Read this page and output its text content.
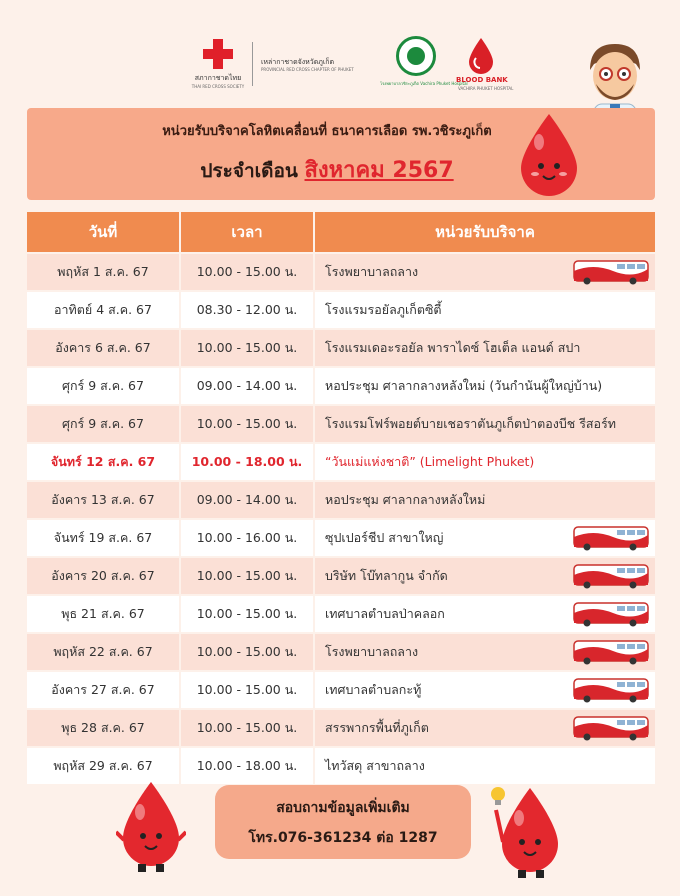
สภากาชาดไทย
THAI RED CROSS SOCIETY
เหล่ากาชาดจังหวัดภูเก็ต
PROVINCIAL RED CROSS CHAPTER OF PHUKET
โรงพยาบาลวชิระภูเก็ต Vachira Phuket Hospital
BLOOD BANK
VACHIRA PHUKET HOSPITAL
หน่วยรับบริจาคโลหิตเคลื่อนที่ ธนาคารเลือด รพ.วชิระภูเก็ต
ประจำเดือน สิงหาคม 2567
วันที่	เวลา	หน่วยรับบริจาค
พฤหัส 1 ส.ค. 67	10.00 - 15.00 น.	โรงพยาบาลถลาง

อาทิตย์ 4 ส.ค. 67	08.30 - 12.00 น.	โรงแรมรอยัลภูเก็ตซิตี้
อังคาร 6 ส.ค. 67	10.00 - 15.00 น.	โรงแรมเดอะรอยัล พาราไดซ์ โฮเต็ล แอนด์ สปา
ศุกร์ 9 ส.ค. 67	09.00 - 14.00 น.	หอประชุม ศาลากลางหลังใหม่ (วันกำนันผู้ใหญ่บ้าน)
ศุกร์ 9 ส.ค. 67	10.00 - 15.00 น.	โรงแรมโฟร์พอยต์บายเชอราตันภูเก็ตป่าตองบีช รีสอร์ท
จันทร์ 12 ส.ค. 67	10.00 - 18.00 น.	“วันแม่แห่งชาติ” (Limelight Phuket)
อังคาร 13 ส.ค. 67	09.00 - 14.00 น.	หอประชุม ศาลากลางหลังใหม่
จันทร์ 19 ส.ค. 67	10.00 - 16.00 น.	ซุปเปอร์ชีป สาขาใหญ่

อังคาร 20 ส.ค. 67	10.00 - 15.00 น.	บริษัท โบ๊ทลากูน จำกัด

พุธ 21 ส.ค. 67	10.00 - 15.00 น.	เทศบาลตำบลป่าคลอก

พฤหัส 22 ส.ค. 67	10.00 - 15.00 น.	โรงพยาบาลถลาง

อังคาร 27 ส.ค. 67	10.00 - 15.00 น.	เทศบาลตำบลกะทู้

พุธ 28 ส.ค. 67	10.00 - 15.00 น.	สรรพากรพื้นที่ภูเก็ต

พฤหัส 29 ส.ค. 67	10.00 - 18.00 น.	ไทวัสดุ สาขาถลาง
สอบถามข้อมูลเพิ่มเติม
โทร.076-361234 ต่อ 1287
